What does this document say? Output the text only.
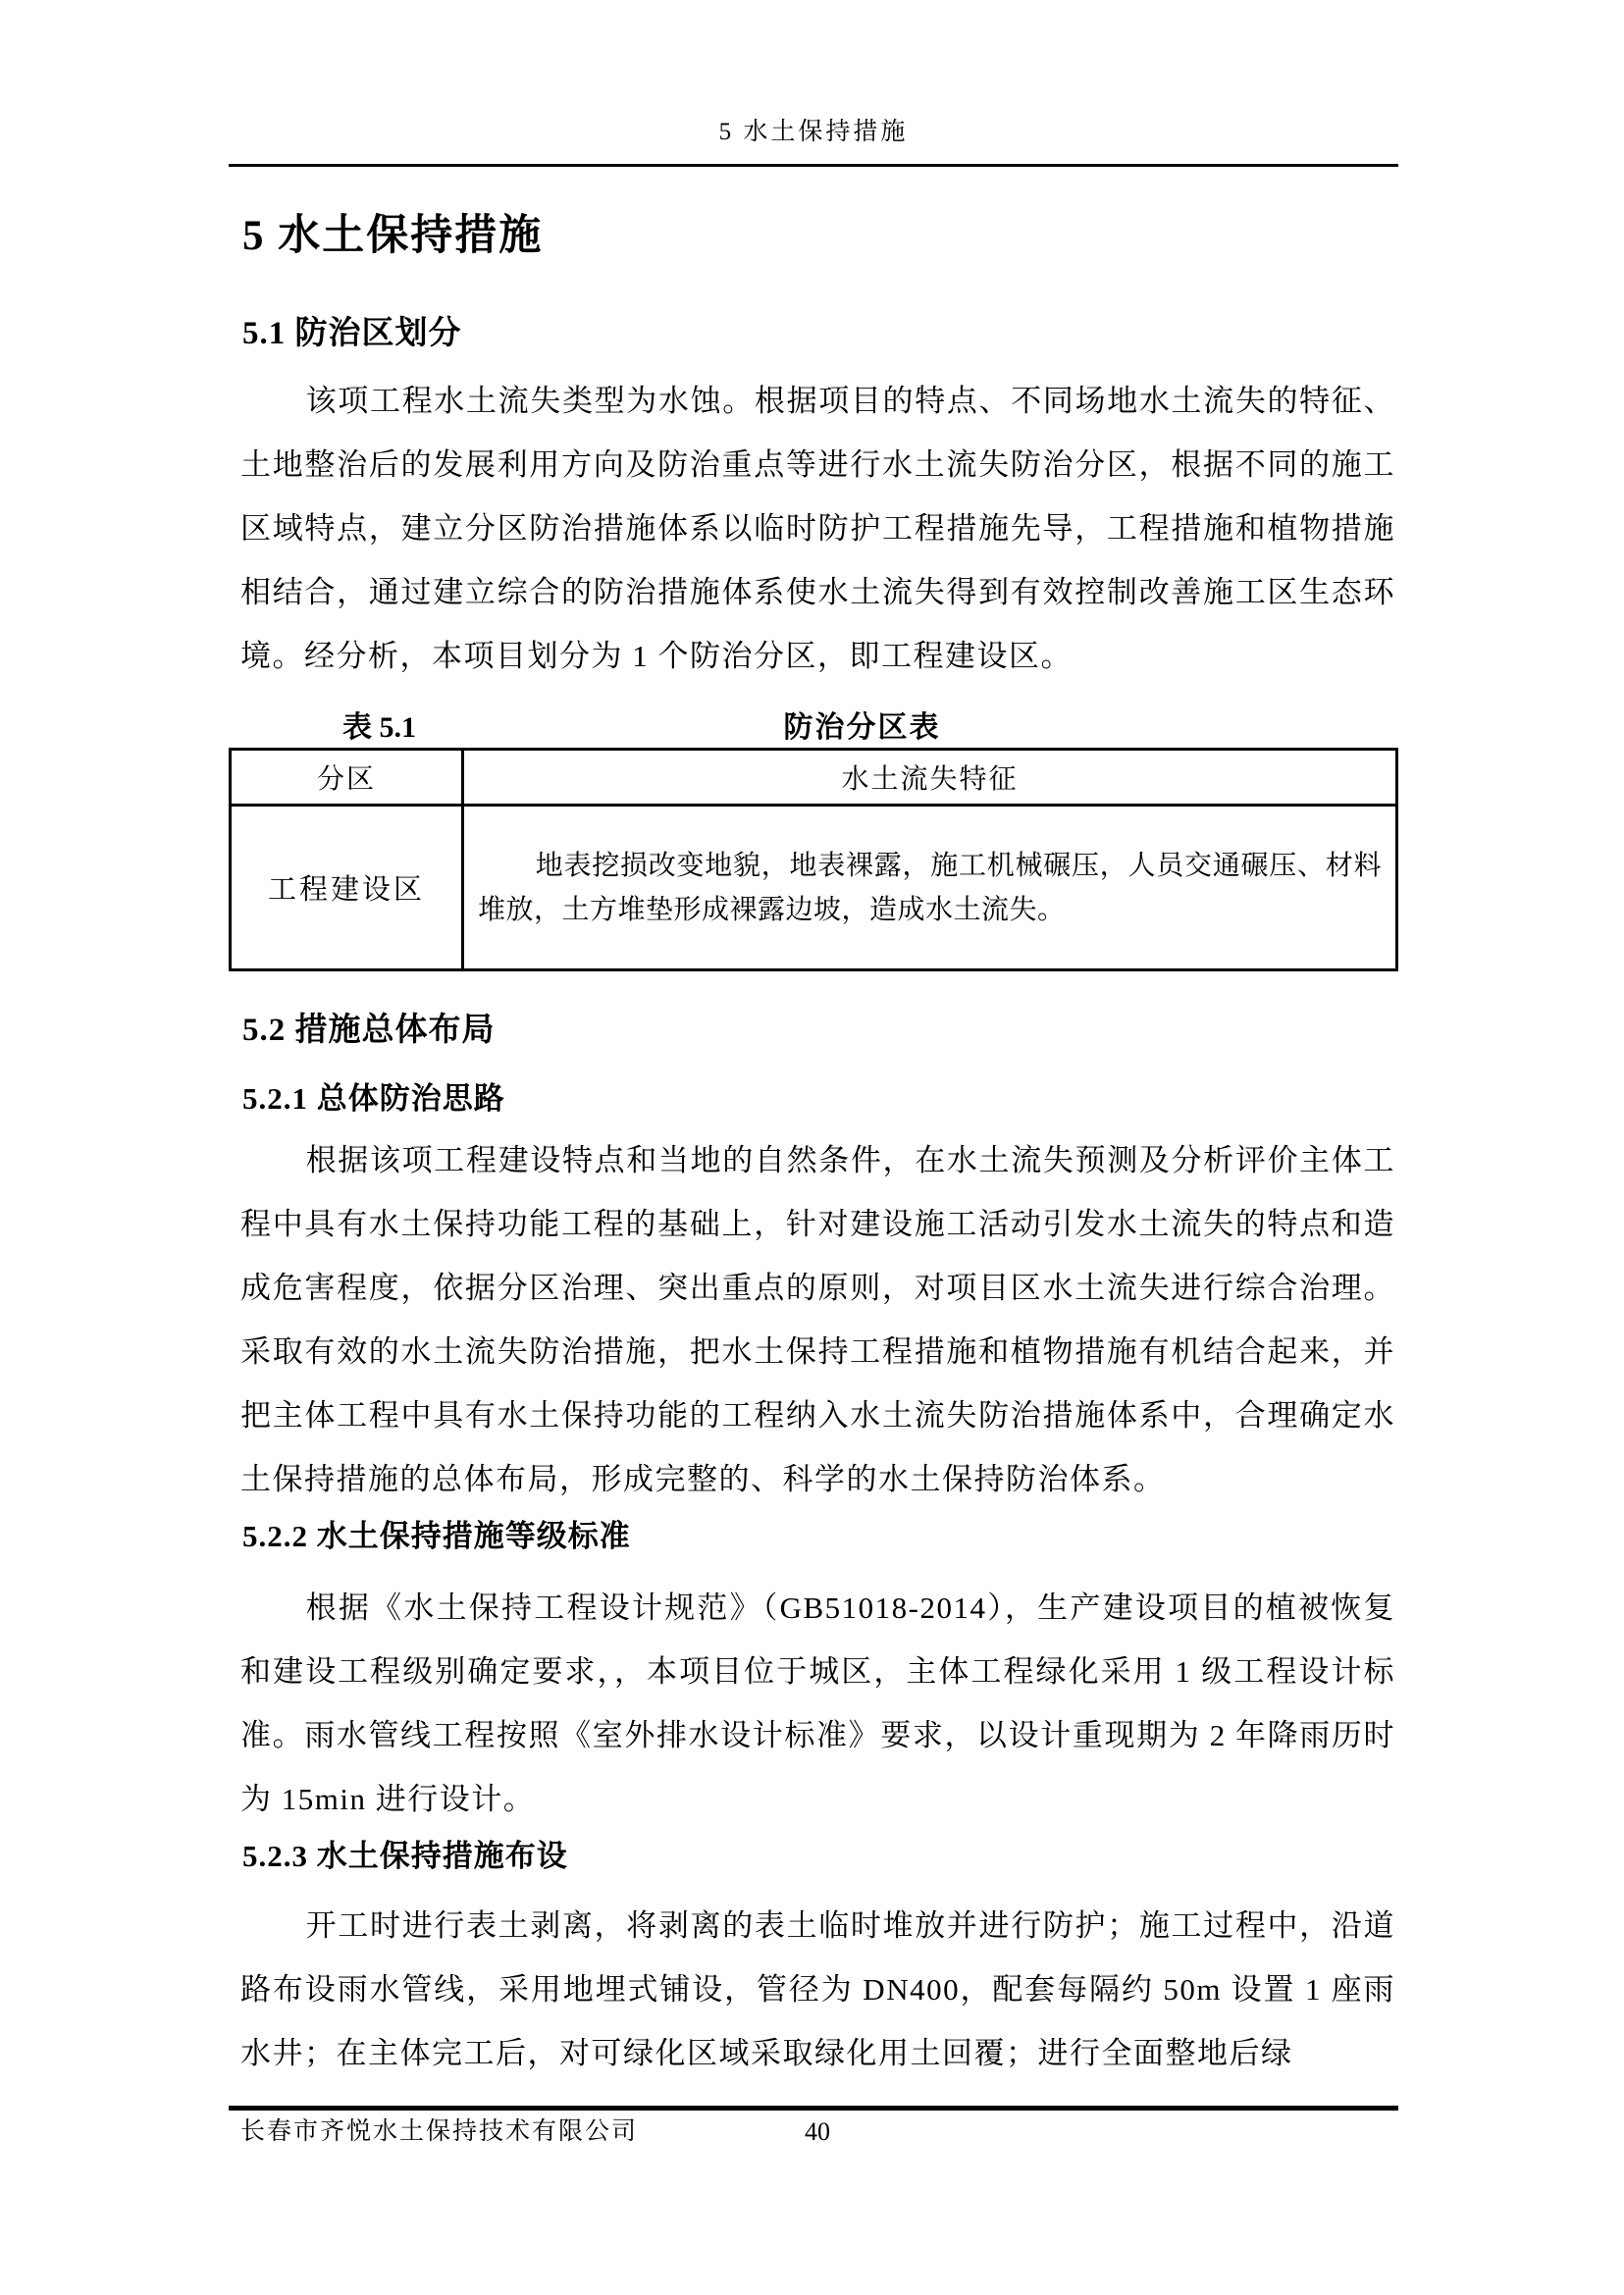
5 水土保持措施
5 水土保持措施
5.1 防治区划分
该项工程水土流失类型为水蚀。根据项目的特点、不同场地水土流失的特征、土地整治后的发展利用方向及防治重点等进行水土流失防治分区，根据不同的施工区域特点，建立分区防治措施体系以临时防护工程措施先导，工程措施和植物措施相结合，通过建立综合的防治措施体系使水土流失得到有效控制改善施工区生态环境。经分析，本项目划分为 1 个防治分区，即工程建设区。
表 5.1	防治分区表
分区	水土流失特征
工程建设区	地表挖损改变地貌，地表裸露，施工机械碾压，人员交通碾压、材料堆放，土方堆垫形成裸露边坡，造成水土流失。
5.2 措施总体布局
5.2.1 总体防治思路
根据该项工程建设特点和当地的自然条件，在水土流失预测及分析评价主体工程中具有水土保持功能工程的基础上，针对建设施工活动引发水土流失的特点和造成危害程度，依据分区治理、突出重点的原则，对项目区水土流失进行综合治理。采取有效的水土流失防治措施，把水土保持工程措施和植物措施有机结合起来，并把主体工程中具有水土保持功能的工程纳入水土流失防治措施体系中，合理确定水土保持措施的总体布局，形成完整的、科学的水土保持防治体系。
5.2.2 水土保持措施等级标准
根据《水土保持工程设计规范》（GB51018-2014），生产建设项目的植被恢复和建设工程级别确定要求，，本项目位于城区，主体工程绿化采用 1 级工程设计标准。雨水管线工程按照《室外排水设计标准》要求，以设计重现期为 2 年降雨历时为 15min 进行设计。
5.2.3 水土保持措施布设
开工时进行表土剥离，将剥离的表土临时堆放并进行防护；施工过程中，沿道路布设雨水管线，采用地埋式铺设，管径为 DN400，配套每隔约 50m 设置 1 座雨水井；在主体完工后，对可绿化区域采取绿化用土回覆；进行全面整地后绿
长春市齐悦水土保持技术有限公司	40
